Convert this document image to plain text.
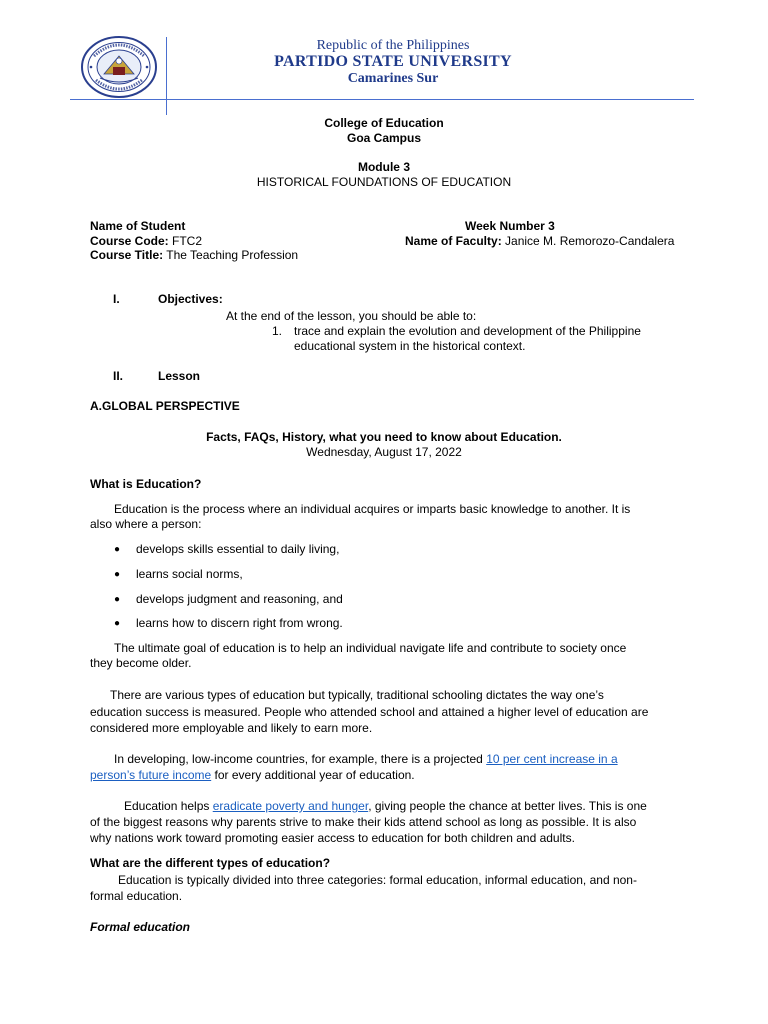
Republic of the Philippines
PARTIDO STATE UNIVERSITY
Camarines Sur
College of Education
Goa Campus
Module 3
HISTORICAL FOUNDATIONS OF EDUCATION
Name of Student
Course Code: FTC2
Course Title: The Teaching Profession
Week Number 3
Name of Faculty: Janice M. Remorozo-Candalera
I.	Objectives:
At the end of the lesson, you should be able to:
1. trace and explain the evolution and development of the Philippine
educational system in the historical context.
II.	Lesson
A.GLOBAL PERSPECTIVE
Facts, FAQs, History, what you need to know about Education.
Wednesday, August 17, 2022
What is Education?
Education is the process where an individual acquires or imparts basic knowledge to another. It is
also where a person:
● develops skills essential to daily living,
● learns social norms,
● develops judgment and reasoning, and
● learns how to discern right from wrong.
The ultimate goal of education is to help an individual navigate life and contribute to society once
they become older.
There are various types of education but typically, traditional schooling dictates the way one’s
education success is measured. People who attended school and attained a higher level of education are
considered more employable and likely to earn more.
In developing, low-income countries, for example, there is a projected 10 per cent increase in a
person’s future income for every additional year of education.
Education helps eradicate poverty and hunger, giving people the chance at better lives. This is one
of the biggest reasons why parents strive to make their kids attend school as long as possible. It is also
why nations work toward promoting easier access to education for both children and adults.
What are the different types of education?
Education is typically divided into three categories: formal education, informal education, and non-
formal education.
Formal education
